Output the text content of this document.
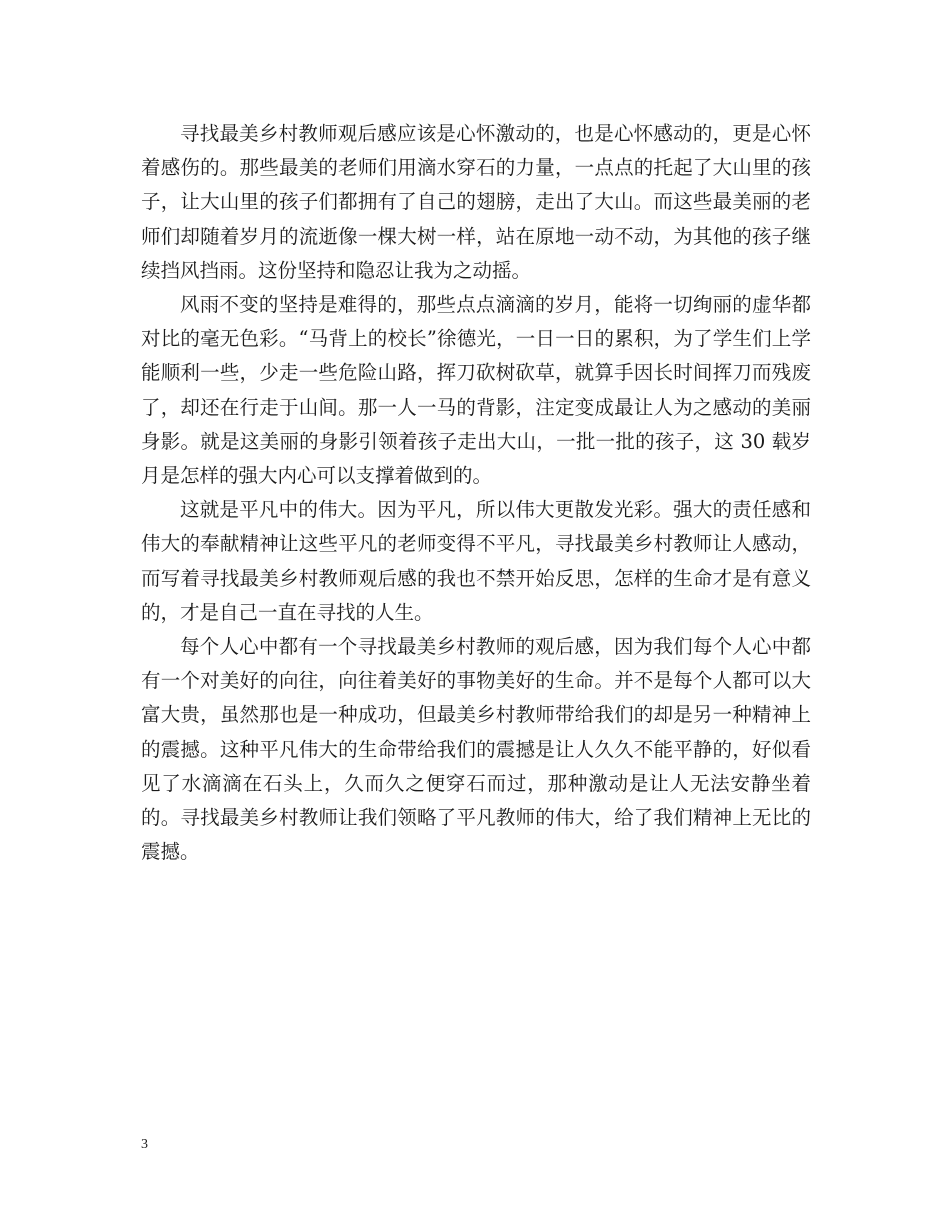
寻找最美乡村教师观后感应该是心怀激动的，也是心怀感动的，更是心怀着感伤的。那些最美的老师们用滴水穿石的力量，一点点的托起了大山里的孩子，让大山里的孩子们都拥有了自己的翅膀，走出了大山。而这些最美丽的老师们却随着岁月的流逝像一棵大树一样，站在原地一动不动，为其他的孩子继续挡风挡雨。这份坚持和隐忍让我为之动摇。

风雨不变的坚持是难得的，那些点点滴滴的岁月，能将一切绚丽的虚华都对比的毫无色彩。“马背上的校长”徐德光，一日一日的累积，为了学生们上学能顺利一些，少走一些危险山路，挥刀砍树砍草，就算手因长时间挥刀而残废了，却还在行走于山间。那一人一马的背影，注定变成最让人为之感动的美丽身影。就是这美丽的身影引领着孩子走出大山，一批一批的孩子，这 30 载岁月是怎样的强大内心可以支撑着做到的。

这就是平凡中的伟大。因为平凡，所以伟大更散发光彩。强大的责任感和伟大的奉献精神让这些平凡的老师变得不平凡，寻找最美乡村教师让人感动，而写着寻找最美乡村教师观后感的我也不禁开始反思，怎样的生命才是有意义的，才是自己一直在寻找的人生。

每个人心中都有一个寻找最美乡村教师的观后感，因为我们每个人心中都有一个对美好的向往，向往着美好的事物美好的生命。并不是每个人都可以大富大贵，虽然那也是一种成功，但最美乡村教师带给我们的却是另一种精神上的震撼。这种平凡伟大的生命带给我们的震撼是让人久久不能平静的，好似看见了水滴滴在石头上，久而久之便穿石而过，那种激动是让人无法安静坐着的。寻找最美乡村教师让我们领略了平凡教师的伟大，给了我们精神上无比的震撼。

3
